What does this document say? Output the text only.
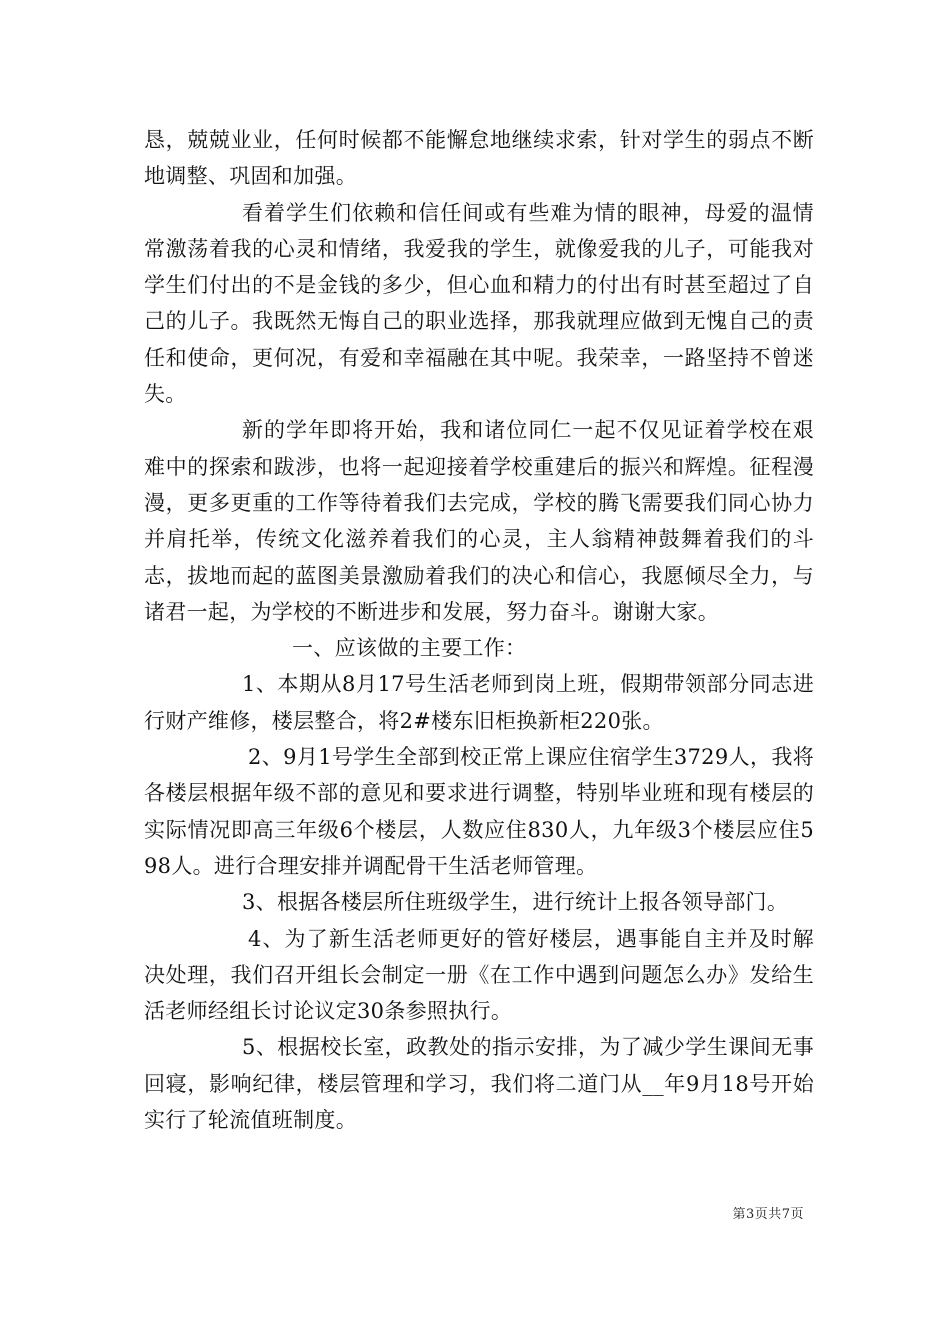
恳，兢兢业业，任何时候都不能懈怠地继续求索，针对学生的弱点不断地调整、巩固和加强。

看着学生们依赖和信任间或有些难为情的眼神，母爱的温情常激荡着我的心灵和情绪，我爱我的学生，就像爱我的儿子，可能我对学生们付出的不是金钱的多少，但心血和精力的付出有时甚至超过了自己的儿子。我既然无悔自己的职业选择，那我就理应做到无愧自己的责任和使命，更何况，有爱和幸福融在其中呢。我荣幸，一路坚持不曾迷失。

新的学年即将开始，我和诸位同仁一起不仅见证着学校在艰难中的探索和跋涉，也将一起迎接着学校重建后的振兴和辉煌。征程漫漫，更多更重的工作等待着我们去完成，学校的腾飞需要我们同心协力并肩托举，传统文化滋养着我们的心灵，主人翁精神鼓舞着我们的斗志，拔地而起的蓝图美景激励着我们的决心和信心，我愿倾尽全力，与诸君一起，为学校的不断进步和发展，努力奋斗。谢谢大家。

一、应该做的主要工作：

1、本期从8月17号生活老师到岗上班，假期带领部分同志进行财产维修，楼层整合，将2#楼东旧柜换新柜220张。

2、9月1号学生全部到校正常上课应住宿学生3729人，我将各楼层根据年级不部的意见和要求进行调整，特别毕业班和现有楼层的实际情况即高三年级6个楼层，人数应住830人，九年级3个楼层应住598人。进行合理安排并调配骨干生活老师管理。

3、根据各楼层所住班级学生，进行统计上报各领导部门。

4、为了新生活老师更好的管好楼层，遇事能自主并及时解决处理，我们召开组长会制定一册《在工作中遇到问题怎么办》发给生活老师经组长讨论议定30条参照执行。

5、根据校长室，政教处的指示安排，为了减少学生课间无事回寝，影响纪律，楼层管理和学习，我们将二道门从__年9月18号开始实行了轮流值班制度。

第3页共7页
